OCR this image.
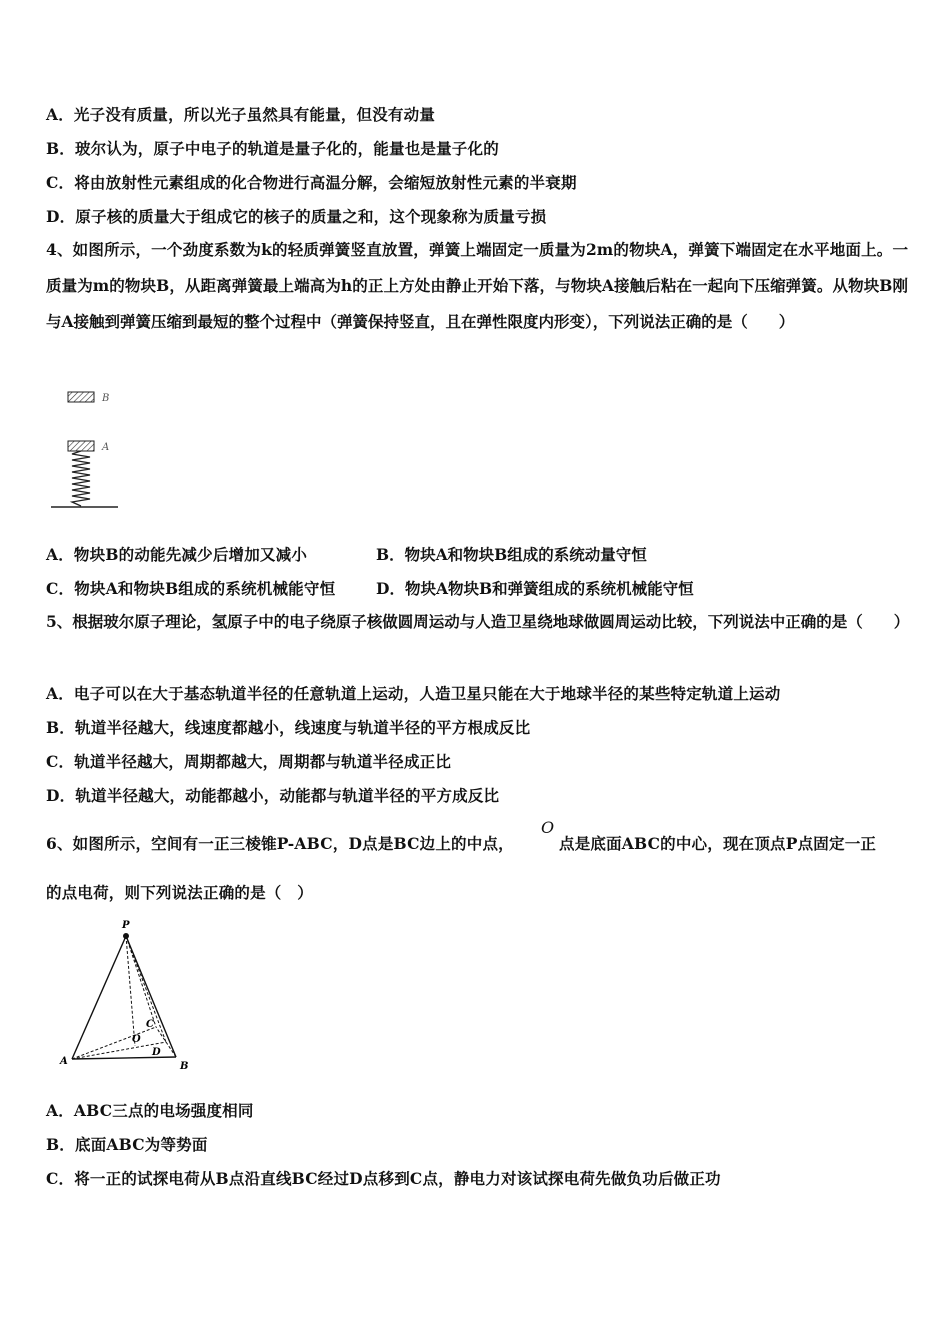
A．光子没有质量，所以光子虽然具有能量，但没有动量
B．玻尔认为，原子中电子的轨道是量子化的，能量也是量子化的
C．将由放射性元素组成的化合物进行高温分解，会缩短放射性元素的半衰期
D．原子核的质量大于组成它的核子的质量之和，这个现象称为质量亏损
4、如图所示，一个劲度系数为k的轻质弹簧竖直放置，弹簧上端固定一质量为2m的物块A，弹簧下端固定在水平地面上。一质量为m的物块B，从距离弹簧最上端高为h的正上方处由静止开始下落，与物块A接触后粘在一起向下压缩弹簧。从物块B刚与A接触到弹簧压缩到最短的整个过程中（弹簧保持竖直，且在弹性限度内形变），下列说法正确的是（　　）
B
A
A．物块B的动能先减少后增加又减小	B．物块A和物块B组成的系统动量守恒
C．物块A和物块B组成的系统机械能守恒	D．物块A物块B和弹簧组成的系统机械能守恒
5、根据玻尔原子理论，氢原子中的电子绕原子核做圆周运动与人造卫星绕地球做圆周运动比较，下列说法中正确的是（　　）
A．电子可以在大于基态轨道半径的任意轨道上运动，人造卫星只能在大于地球半径的某些特定轨道上运动
B．轨道半径越大，线速度都越小，线速度与轨道半径的平方根成反比
C．轨道半径越大，周期都越大，周期都与轨道半径成正比
D．轨道半径越大，动能都越小，动能都与轨道半径的平方成反比
6、如图所示，空间有一正三棱锥P-ABC，D点是BC边上的中点，
O
点是底面ABC的中心，现在顶点P点固定一正
的点电荷，则下列说法正确的是（　）
P
A	B
C
D
O
A．ABC三点的电场强度相同
B．底面ABC为等势面
C．将一正的试探电荷从B点沿直线BC经过D点移到C点，静电力对该试探电荷先做负功后做正功
